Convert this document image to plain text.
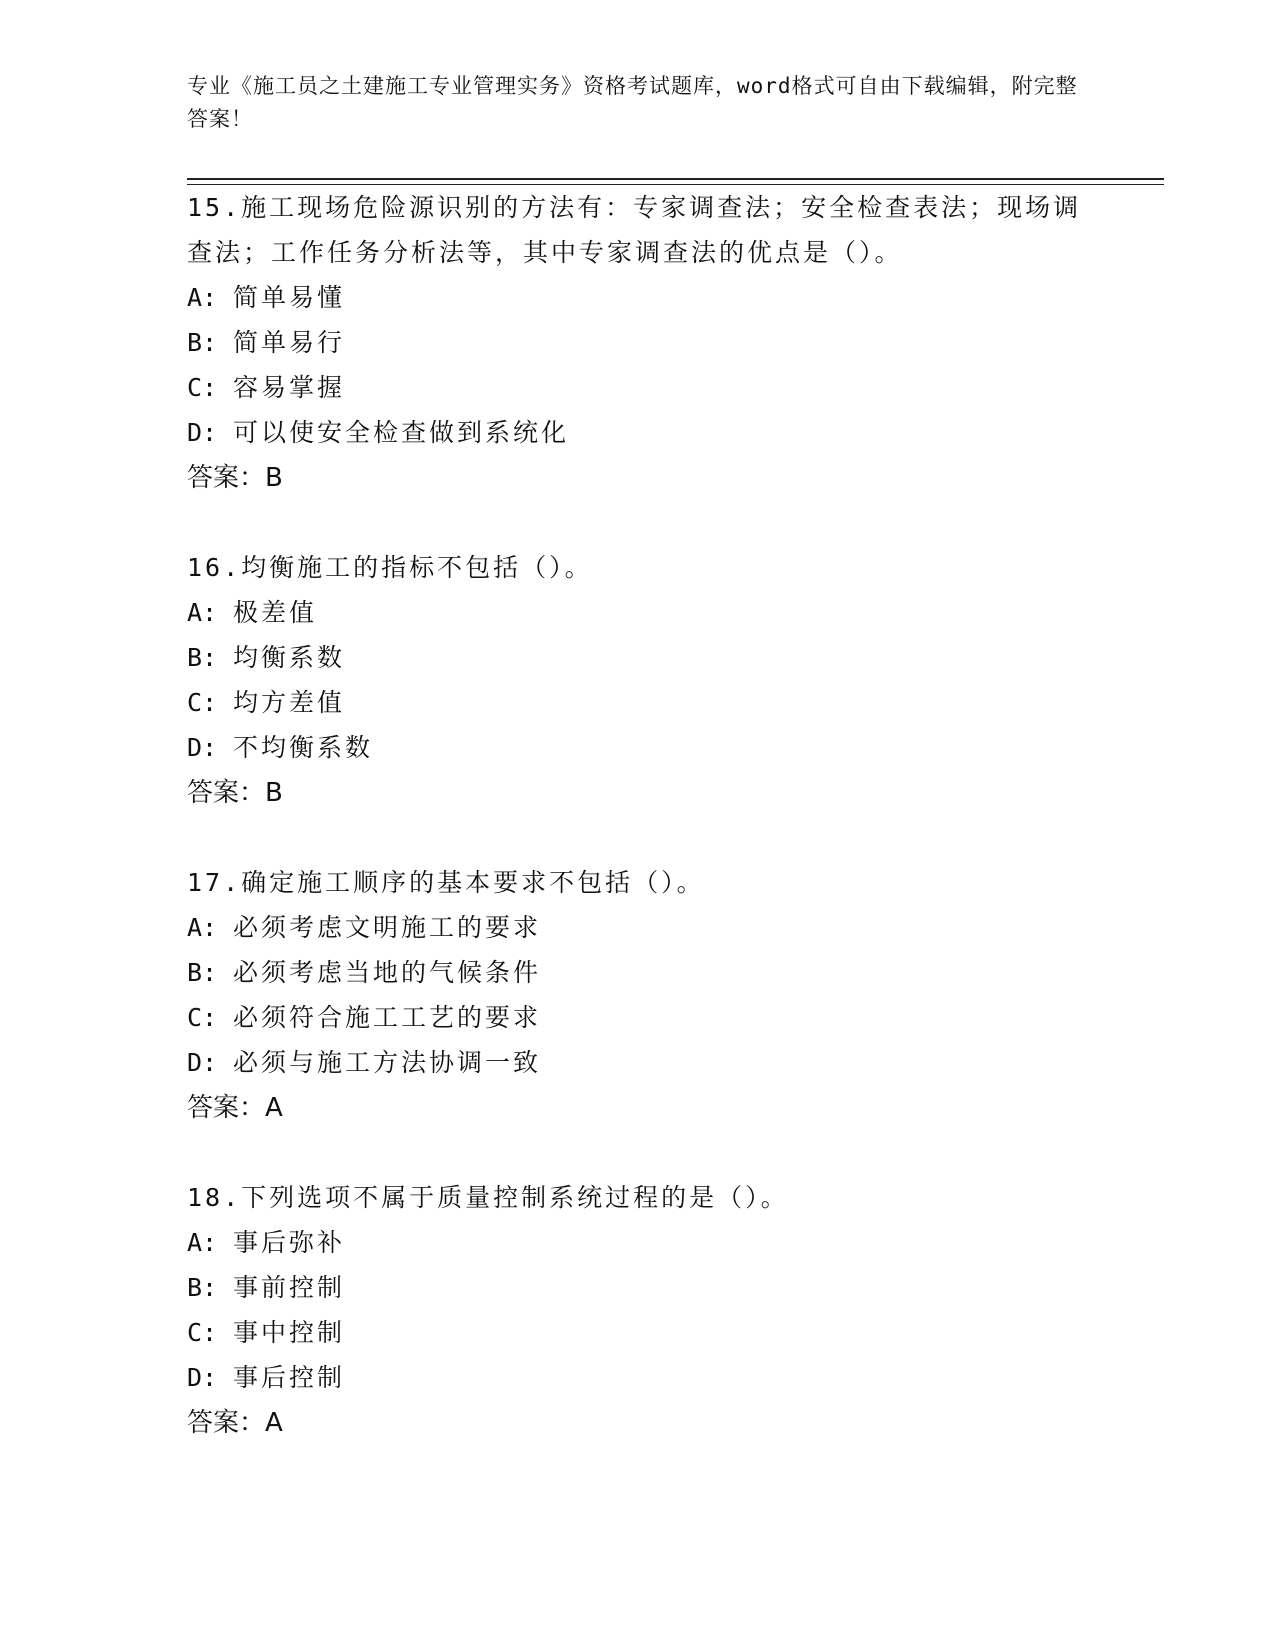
专业《施工员之土建施工专业管理实务》资格考试题库，word格式可自由下载编辑，附完整答案！
15.施工现场危险源识别的方法有：专家调查法；安全检查表法；现场调查法；工作任务分析法等，其中专家调查法的优点是（）。
A: 简单易懂
B: 简单易行
C: 容易掌握
D: 可以使安全检查做到系统化
答案：B
16.均衡施工的指标不包括（）。
A: 极差值
B: 均衡系数
C: 均方差值
D: 不均衡系数
答案：B
17.确定施工顺序的基本要求不包括（）。
A: 必须考虑文明施工的要求
B: 必须考虑当地的气候条件
C: 必须符合施工工艺的要求
D: 必须与施工方法协调一致
答案：A
18.下列选项不属于质量控制系统过程的是（）。
A: 事后弥补
B: 事前控制
C: 事中控制
D: 事后控制
答案：A
